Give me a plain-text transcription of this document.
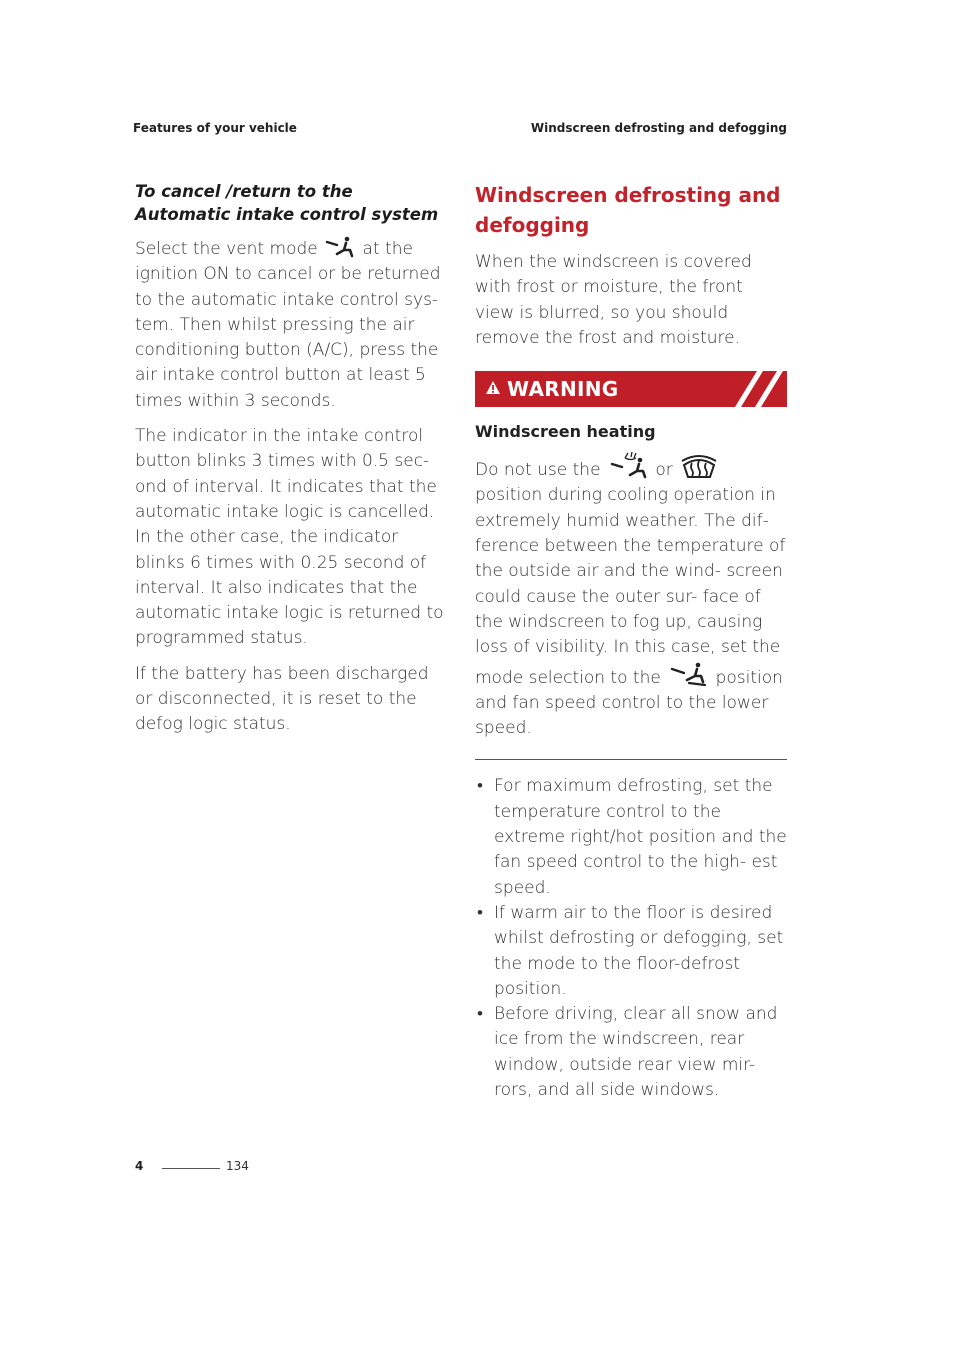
Features of your vehicle	Windscreen defrosting and defogging
To cancel /return to the Automatic intake control system

Select the vent mode	at the ignition ON to cancel or be returned to the automatic intake control sys- tem. Then whilst pressing the air conditioning button (A/C), press the air intake control button at least 5 times within 3 seconds.

The indicator in the intake control button blinks 3 times with 0.5 sec- ond of interval. It indicates that the automatic intake logic is cancelled. In the other case, the indicator blinks 6 times with 0.25 second of interval. It also indicates that the automatic intake logic is returned to programmed status.

If the battery has been discharged or disconnected, it is reset to the defog logic status.

Windscreen defrosting and defogging

When the windscreen is covered with frost or moisture, the front view is blurred, so you should remove the frost and moisture.

WARNING
Windscreen heating

Do not use the	or  position during cooling operation in extremely humid weather. The dif- ference between the temperature of the outside air and the wind- screen could cause the outer sur- face of the windscreen to fog up, causing loss of visibility. In this case, set the mode selection to the	position and fan speed control to the lower speed.

• For maximum defrosting, set the temperature control to the extreme right/hot position and the fan speed control to the high- est speed.
• If warm air to the floor is desired whilst defrosting or defogging, set the mode to the floor-defrost position.
• Before driving, clear all snow and ice from the windscreen, rear window, outside rear view mir- rors, and all side windows.
4	134
